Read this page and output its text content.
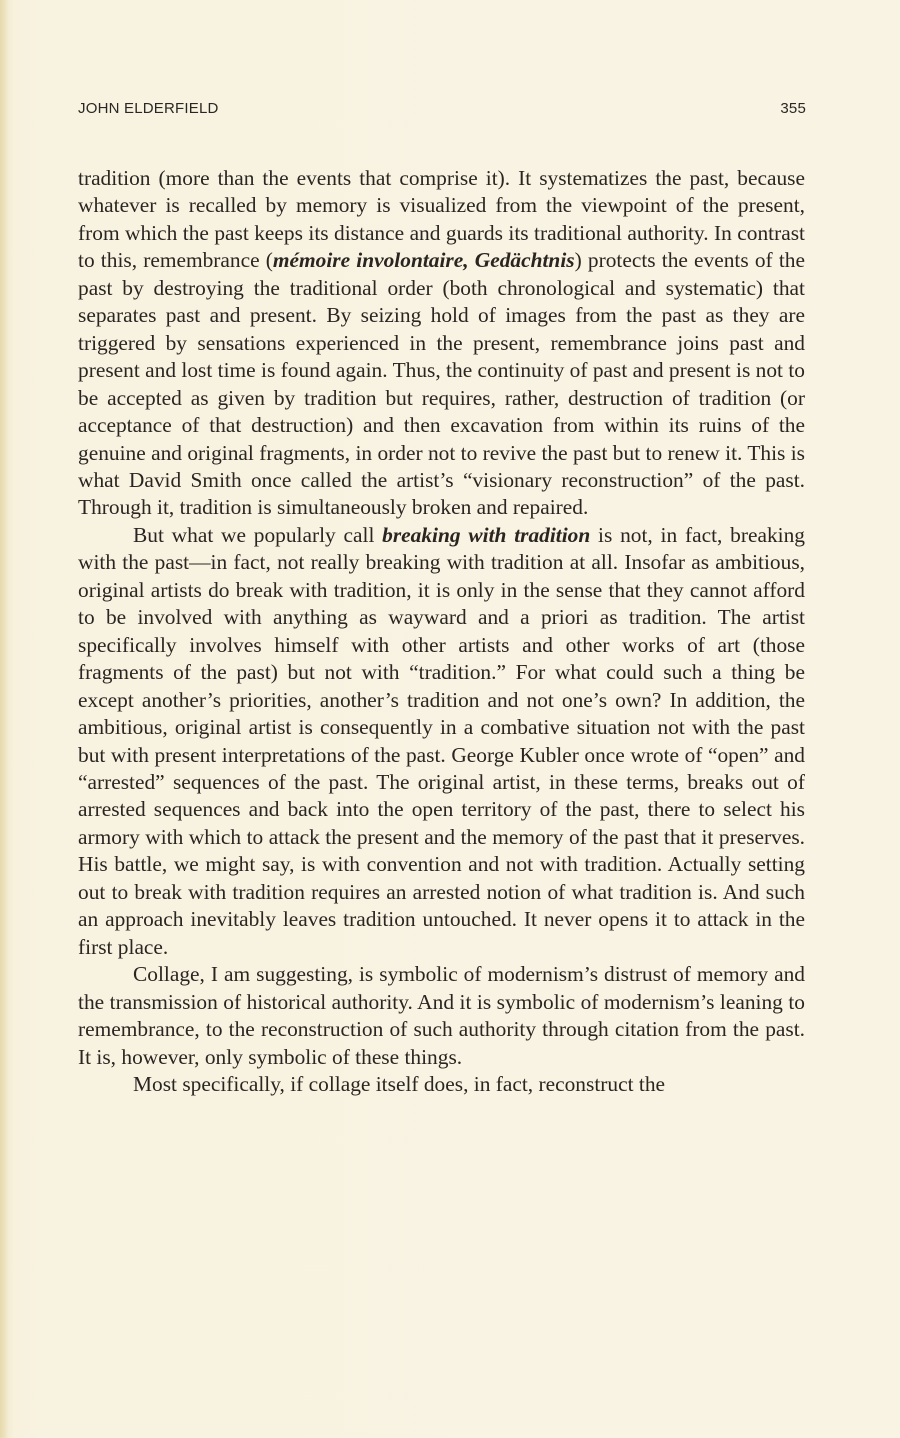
JOHN ELDERFIELD	355

tradition (more than the events that comprise it). It systematizes the past, because whatever is recalled by memory is visualized from the viewpoint of the present, from which the past keeps its distance and guards its traditional authority. In contrast to this, remembrance (mémoire involontaire, Gedächtnis) protects the events of the past by destroying the traditional order (both chronological and systematic) that separates past and present. By seizing hold of images from the past as they are triggered by sensations experienced in the present, remembrance joins past and present and lost time is found again. Thus, the continuity of past and present is not to be accepted as given by tradition but requires, rather, destruction of tradition (or acceptance of that destruction) and then excavation from within its ruins of the genuine and original fragments, in order not to revive the past but to renew it. This is what David Smith once called the artist’s “visionary reconstruction” of the past. Through it, tradition is simultaneously broken and repaired.

But what we popularly call breaking with tradition is not, in fact, breaking with the past—in fact, not really breaking with tradition at all. Insofar as ambitious, original artists do break with tradition, it is only in the sense that they cannot afford to be involved with anything as wayward and a priori as tradition. The artist specifically involves himself with other artists and other works of art (those fragments of the past) but not with “tradition.” For what could such a thing be except another’s priorities, another’s tradition and not one’s own? In addition, the ambitious, original artist is consequently in a combative situation not with the past but with present interpretations of the past. George Kubler once wrote of “open” and “arrested” sequences of the past. The original artist, in these terms, breaks out of arrested sequences and back into the open territory of the past, there to select his armory with which to attack the present and the memory of the past that it preserves. His battle, we might say, is with convention and not with tradition. Actually setting out to break with tradition requires an arrested notion of what tradition is. And such an approach inevitably leaves tradition untouched. It never opens it to attack in the first place.

Collage, I am suggesting, is symbolic of modernism’s distrust of memory and the transmission of historical authority. And it is symbolic of modernism’s leaning to remembrance, to the reconstruction of such authority through citation from the past. It is, however, only symbolic of these things.

Most specifically, if collage itself does, in fact, reconstruct the
